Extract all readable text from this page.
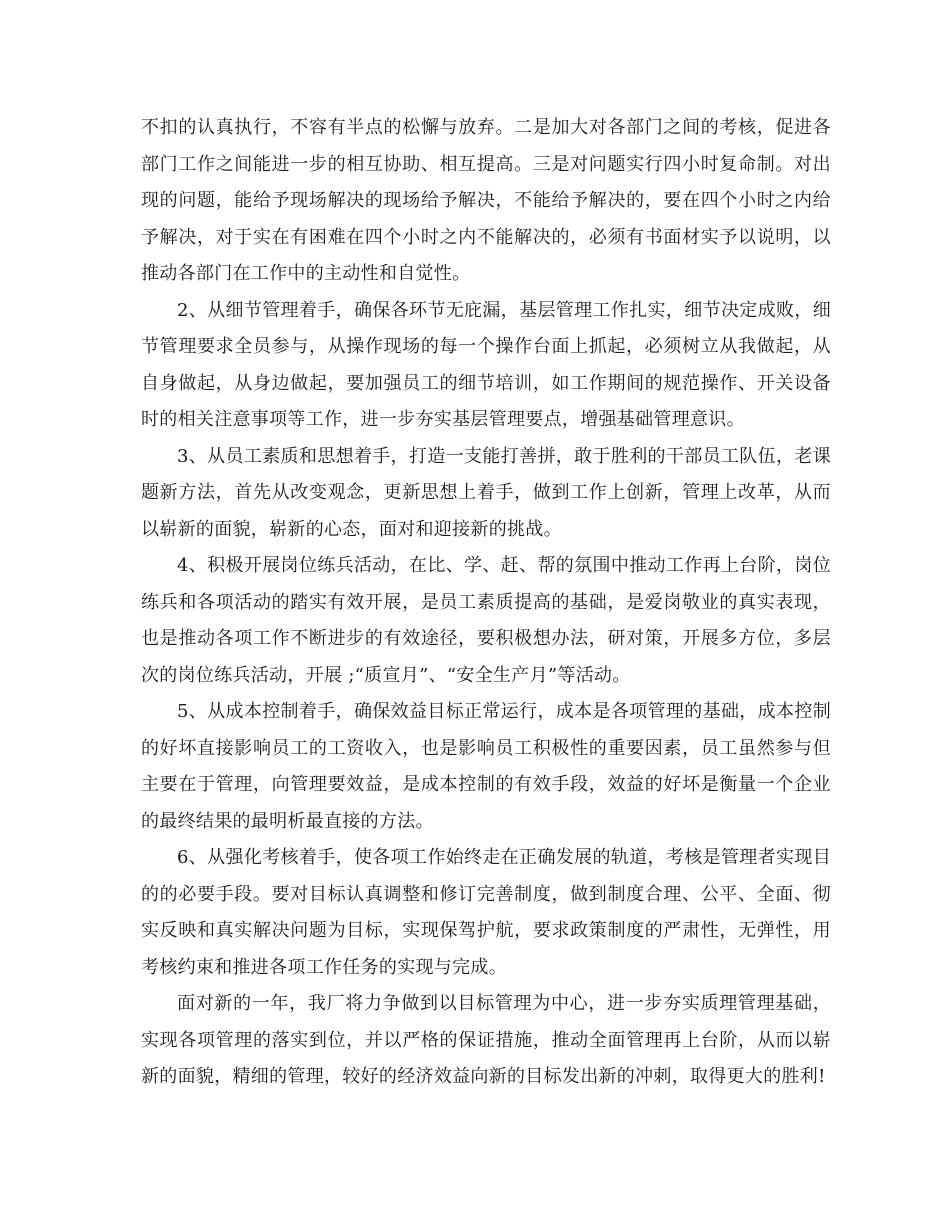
不扣的认真执行，不容有半点的松懈与放弃。二是加大对各部门之间的考核，促进各部门工作之间能进一步的相互协助、相互提高。三是对问题实行四小时复命制。对出现的问题，能给予现场解决的现场给予解决，不能给予解决的，要在四个小时之内给予解决，对于实在有困难在四个小时之内不能解决的，必须有书面材实予以说明，以推动各部门在工作中的主动性和自觉性。

2、从细节管理着手，确保各环节无庇漏，基层管理工作扎实，细节决定成败，细节管理要求全员参与，从操作现场的每一个操作台面上抓起，必须树立从我做起，从自身做起，从身边做起，要加强员工的细节培训，如工作期间的规范操作、开关设备时的相关注意事项等工作，进一步夯实基层管理要点，增强基础管理意识。

3、从员工素质和思想着手，打造一支能打善拼，敢于胜利的干部员工队伍，老课题新方法，首先从改变观念，更新思想上着手，做到工作上创新，管理上改革，从而以崭新的面貌，崭新的心态，面对和迎接新的挑战。

4、积极开展岗位练兵活动，在比、学、赶、帮的氛围中推动工作再上台阶，岗位练兵和各项活动的踏实有效开展，是员工素质提高的基础，是爱岗敬业的真实表现，也是推动各项工作不断进步的有效途径，要积极想办法，研对策，开展多方位，多层次的岗位练兵活动，开展 ;“质宣月”、“安全生产月”等活动。

5、从成本控制着手，确保效益目标正常运行，成本是各项管理的基础，成本控制的好坏直接影响员工的工资收入，也是影响员工积极性的重要因素，员工虽然参与但主要在于管理，向管理要效益，是成本控制的有效手段，效益的好坏是衡量一个企业的最终结果的最明析最直接的方法。

6、从强化考核着手，使各项工作始终走在正确发展的轨道，考核是管理者实现目的的必要手段。要对目标认真调整和修订完善制度，做到制度合理、公平、全面、彻实反映和真实解决问题为目标，实现保驾护航，要求政策制度的严肃性，无弹性，用考核约束和推进各项工作任务的实现与完成。

面对新的一年，我厂将力争做到以目标管理为中心，进一步夯实质理管理基础，实现各项管理的落实到位，并以严格的保证措施，推动全面管理再上台阶，从而以崭新的面貌，精细的管理，较好的经济效益向新的目标发出新的冲刺，取得更大的胜利!
